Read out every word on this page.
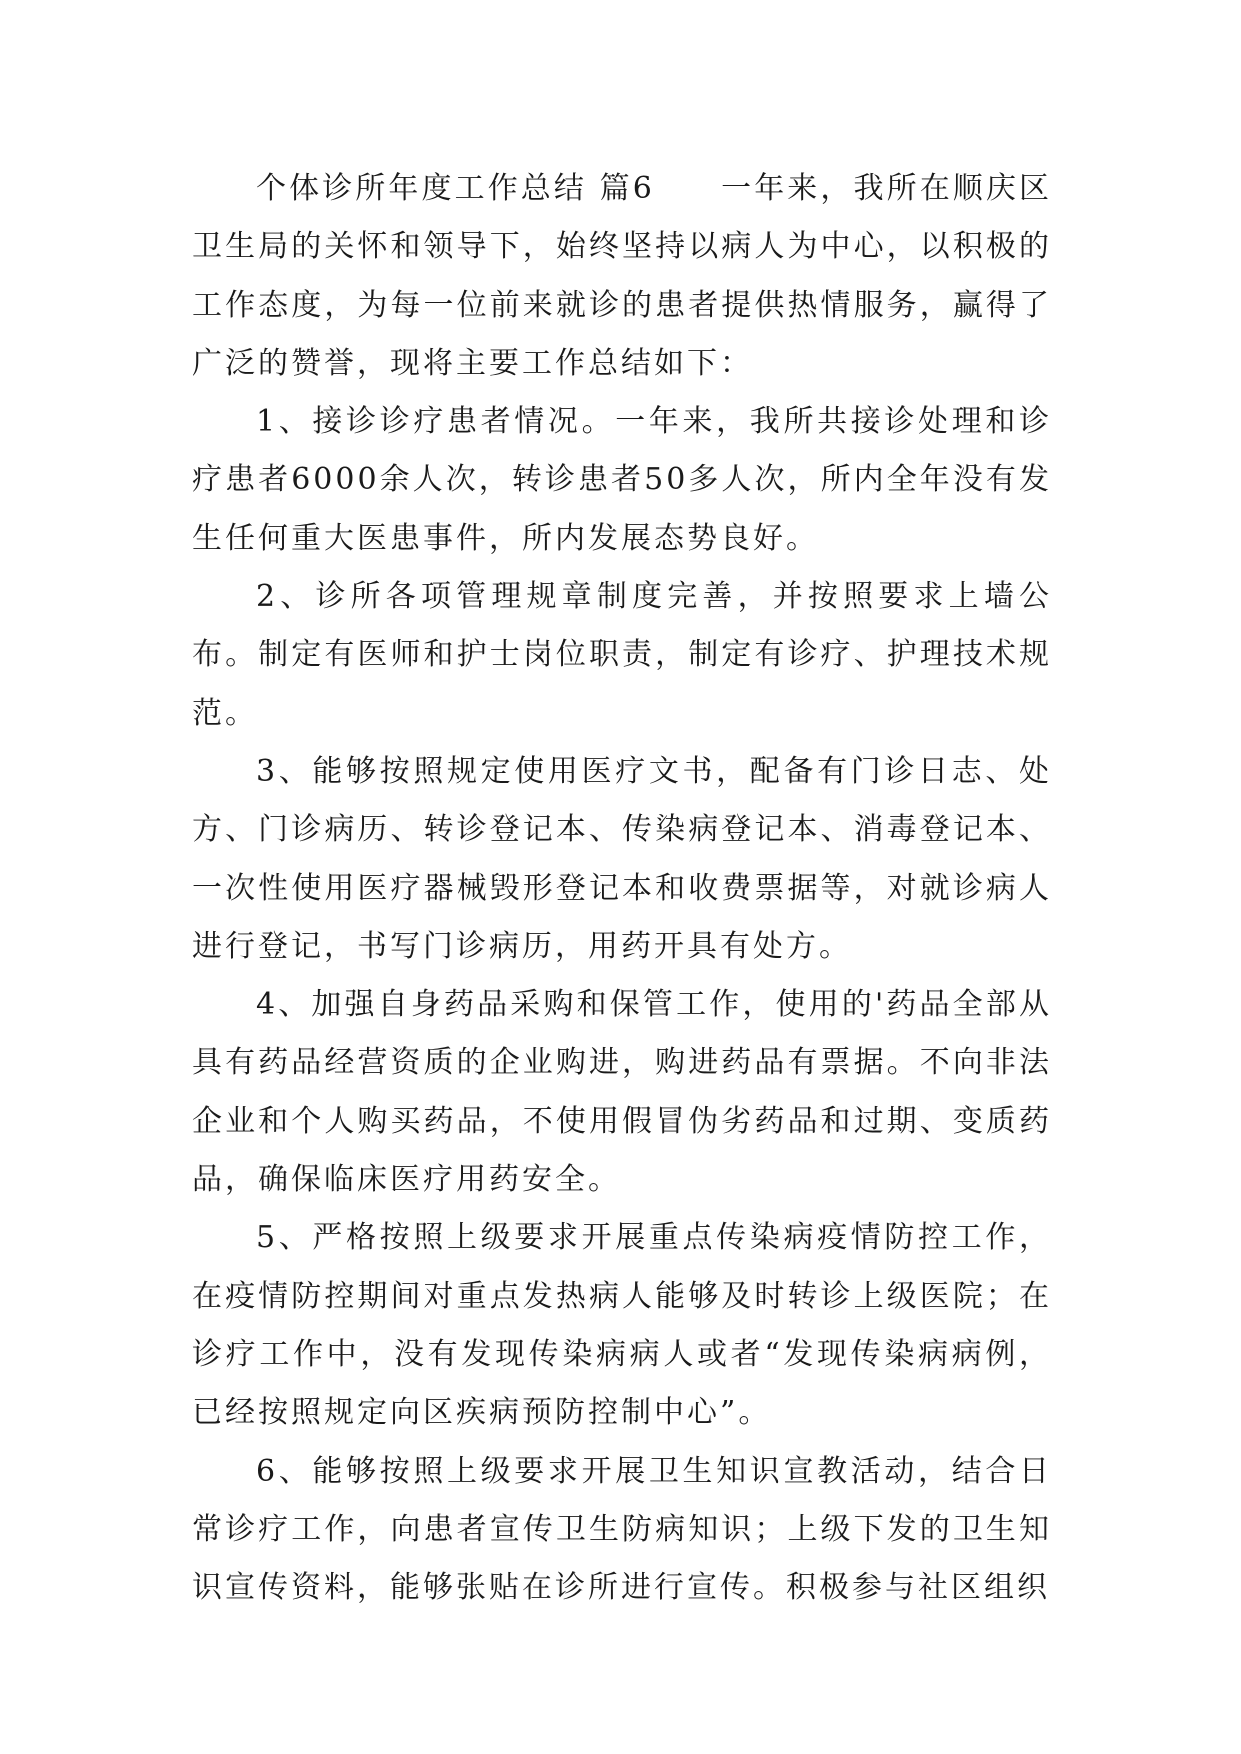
个体诊所年度工作总结 篇6　　一年来，我所在顺庆区卫生局的关怀和领导下，始终坚持以病人为中心，以积极的工作态度，为每一位前来就诊的患者提供热情服务，赢得了广泛的赞誉，现将主要工作总结如下：

1、接诊诊疗患者情况。一年来，我所共接诊处理和诊疗患者6000余人次，转诊患者50多人次，所内全年没有发生任何重大医患事件，所内发展态势良好。

2、诊所各项管理规章制度完善，并按照要求上墙公布。制定有医师和护士岗位职责，制定有诊疗、护理技术规范。

3、能够按照规定使用医疗文书，配备有门诊日志、处方、门诊病历、转诊登记本、传染病登记本、消毒登记本、一次性使用医疗器械毁形登记本和收费票据等，对就诊病人进行登记，书写门诊病历，用药开具有处方。

4、加强自身药品采购和保管工作，使用的'药品全部从具有药品经营资质的企业购进，购进药品有票据。不向非法企业和个人购买药品，不使用假冒伪劣药品和过期、变质药品，确保临床医疗用药安全。

5、严格按照上级要求开展重点传染病疫情防控工作，在疫情防控期间对重点发热病人能够及时转诊上级医院；在诊疗工作中，没有发现传染病病人或者“发现传染病病例，已经按照规定向区疾病预防控制中心”。

6、能够按照上级要求开展卫生知识宣教活动，结合日常诊疗工作，向患者宣传卫生防病知识；上级下发的卫生知识宣传资料，能够张贴在诊所进行宣传。积极参与社区组织
